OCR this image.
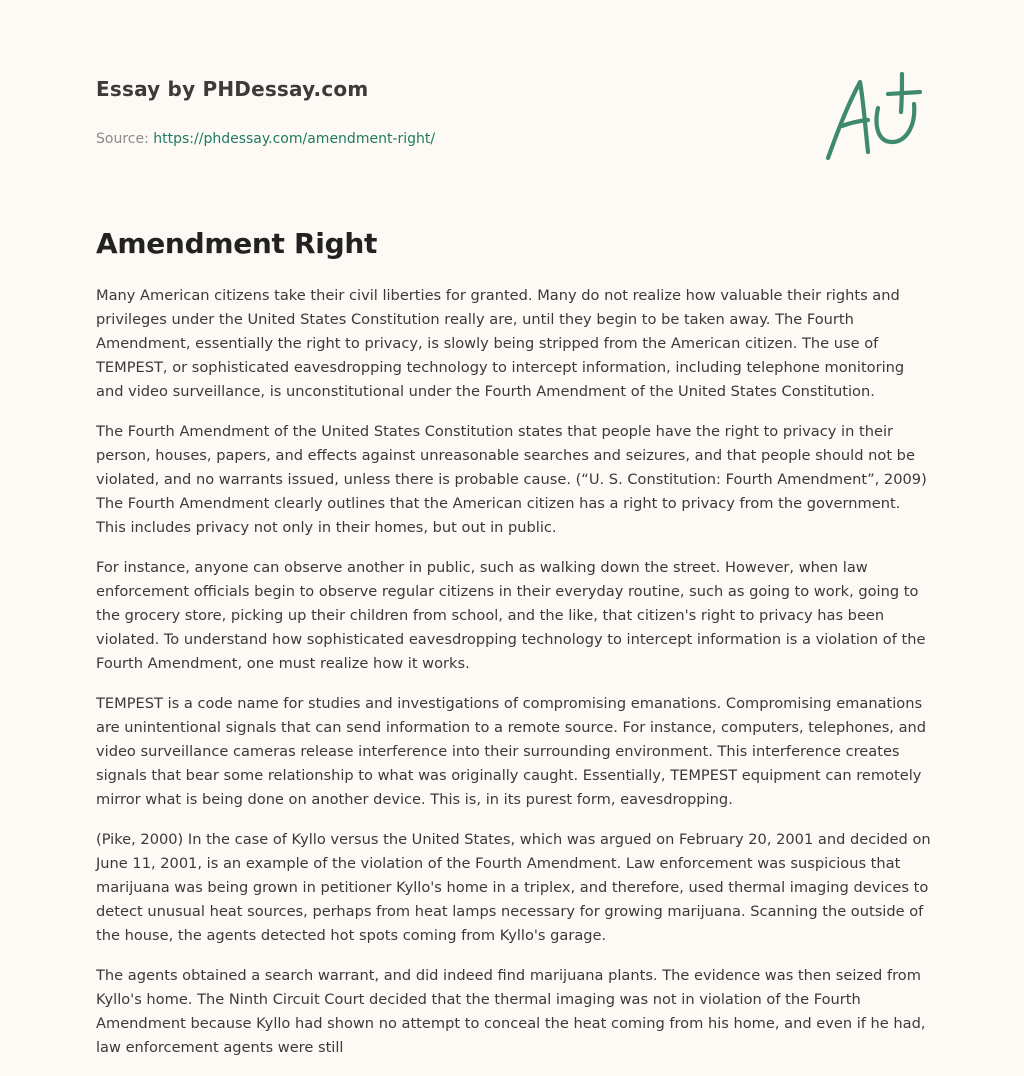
Essay by PHDessay.com
Source: https://phdessay.com/amendment-right/
Amendment Right

Many American citizens take their civil liberties for granted. Many do not realize how valuable their rights and privileges under the United States Constitution really are, until they begin to be taken away. The Fourth Amendment, essentially the right to privacy, is slowly being stripped from the American citizen. The use of TEMPEST, or sophisticated eavesdropping technology to intercept information, including telephone monitoring and video surveillance, is unconstitutional under the Fourth Amendment of the United States Constitution.

The Fourth Amendment of the United States Constitution states that people have the right to privacy in their person, houses, papers, and effects against unreasonable searches and seizures, and that people should not be violated, and no warrants issued, unless there is probable cause. (“U. S. Constitution: Fourth Amendment”, 2009) The Fourth Amendment clearly outlines that the American citizen has a right to privacy from the government. This includes privacy not only in their homes, but out in public.

For instance, anyone can observe another in public, such as walking down the street. However, when law enforcement officials begin to observe regular citizens in their everyday routine, such as going to work, going to the grocery store, picking up their children from school, and the like, that citizen's right to privacy has been violated. To understand how sophisticated eavesdropping technology to intercept information is a violation of the Fourth Amendment, one must realize how it works.

TEMPEST is a code name for studies and investigations of compromising emanations. Compromising emanations are unintentional signals that can send information to a remote source. For instance, computers, telephones, and video surveillance cameras release interference into their surrounding environment. This interference creates signals that bear some relationship to what was originally caught. Essentially, TEMPEST equipment can remotely mirror what is being done on another device. This is, in its purest form, eavesdropping.

(Pike, 2000) In the case of Kyllo versus the United States, which was argued on February 20, 2001 and decided on June 11, 2001, is an example of the violation of the Fourth Amendment. Law enforcement was suspicious that marijuana was being grown in petitioner Kyllo's home in a triplex, and therefore, used thermal imaging devices to detect unusual heat sources, perhaps from heat lamps necessary for growing marijuana. Scanning the outside of the house, the agents detected hot spots coming from Kyllo's garage.

The agents obtained a search warrant, and did indeed find marijuana plants. The evidence was then seized from Kyllo's home. The Ninth Circuit Court decided that the thermal imaging was not in violation of the Fourth Amendment because Kyllo had shown no attempt to conceal the heat coming from his home, and even if he had, law enforcement agents were still
